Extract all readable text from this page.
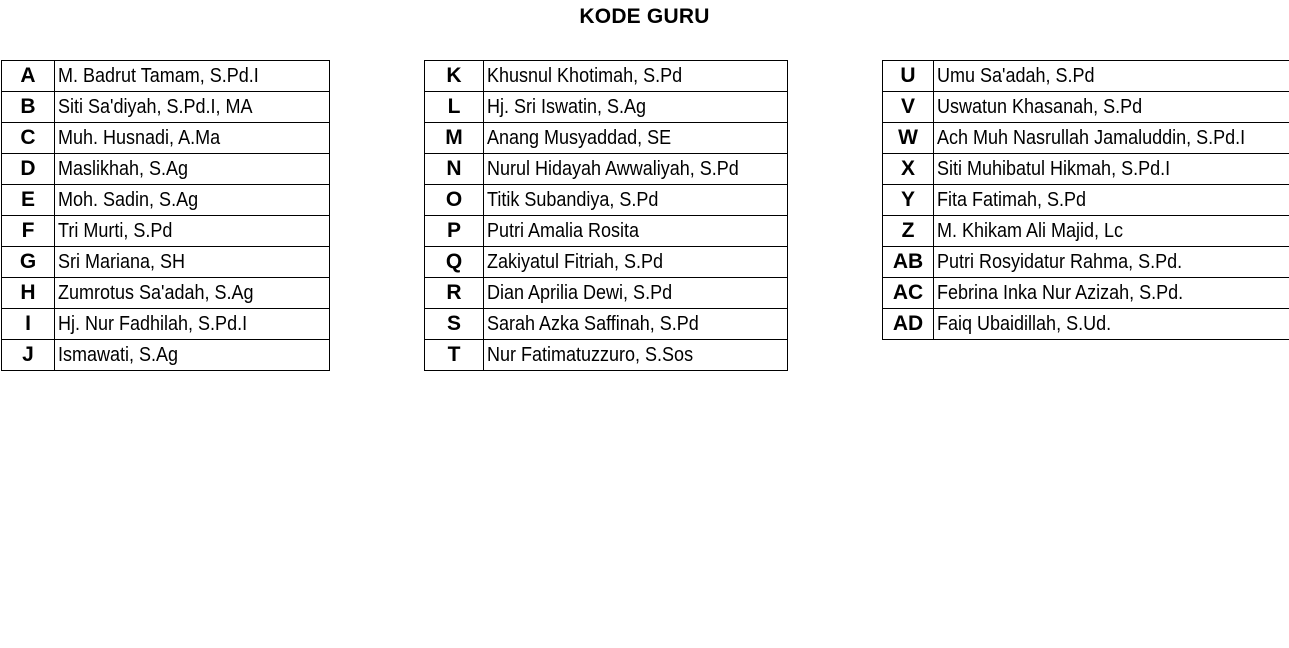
KODE GURU
A	M. Badrut Tamam, S.Pd.I
B	Siti Sa'diyah, S.Pd.I, MA
C	Muh. Husnadi, A.Ma
D	Maslikhah, S.Ag
E	Moh. Sadin, S.Ag
F	Tri Murti, S.Pd
G	Sri Mariana, SH
H	Zumrotus Sa'adah, S.Ag
I	Hj. Nur Fadhilah, S.Pd.I
J	Ismawati, S.Ag
K	Khusnul Khotimah, S.Pd
L	Hj. Sri Iswatin, S.Ag
M	Anang Musyaddad, SE
N	Nurul Hidayah Awwaliyah, S.Pd
O	Titik Subandiya, S.Pd
P	Putri Amalia Rosita
Q	Zakiyatul Fitriah, S.Pd
R	Dian Aprilia Dewi, S.Pd
S	Sarah Azka Saffinah, S.Pd
T	Nur Fatimatuzzuro, S.Sos
U	Umu Sa'adah, S.Pd
V	Uswatun Khasanah, S.Pd
W	Ach Muh Nasrullah Jamaluddin, S.Pd.I
X	Siti Muhibatul Hikmah, S.Pd.I
Y	Fita Fatimah, S.Pd
Z	M. Khikam Ali Majid, Lc
AB	Putri Rosyidatur Rahma, S.Pd.
AC	Febrina Inka Nur Azizah, S.Pd.
AD	Faiq Ubaidillah, S.Ud.
